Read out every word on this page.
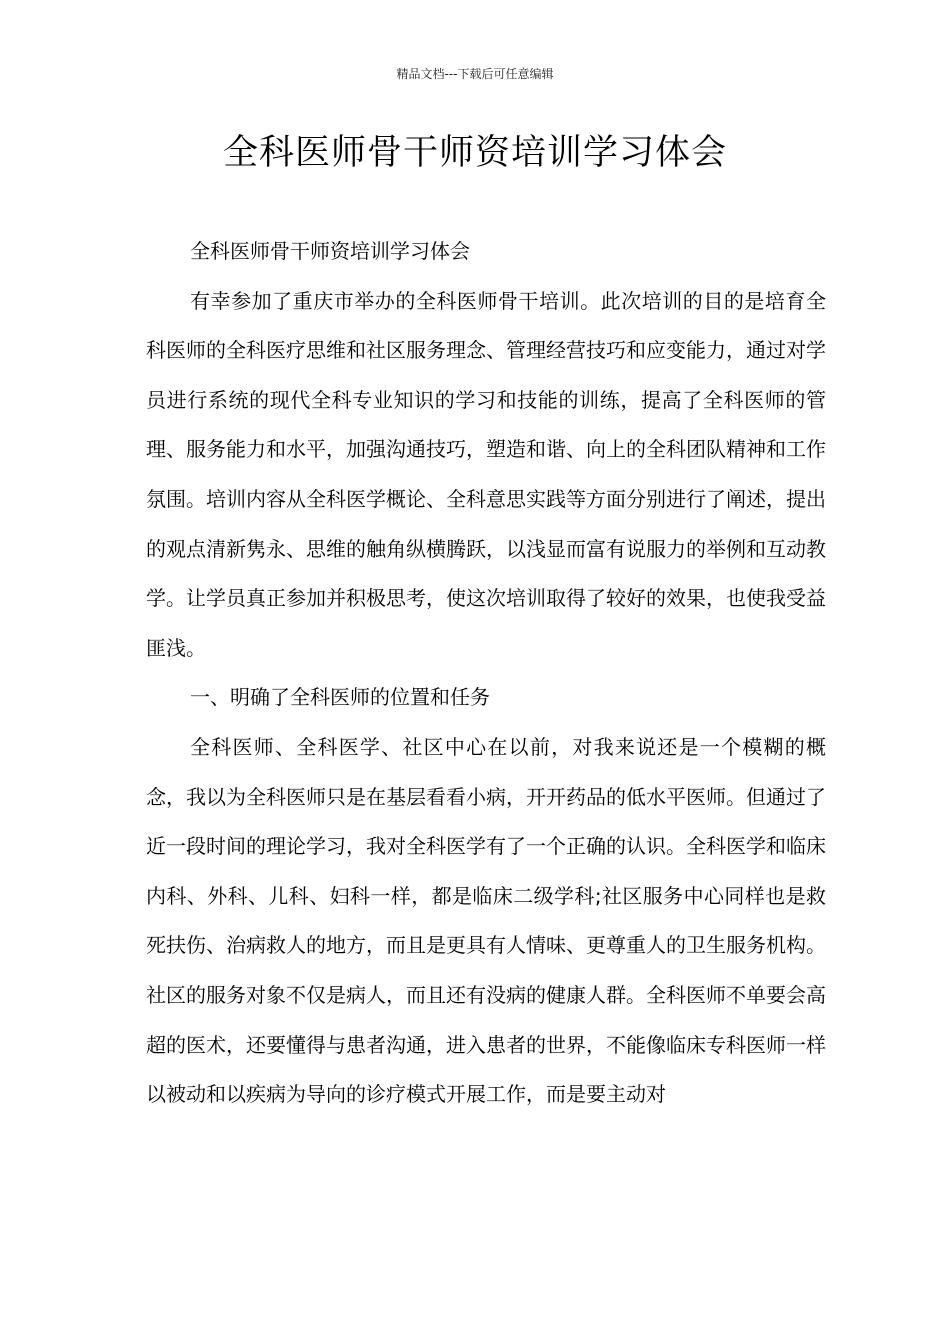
精品文档---下载后可任意编辑
全科医师骨干师资培训学习体会

全科医师骨干师资培训学习体会

有幸参加了重庆市举办的全科医师骨干培训。此次培训的目的是培育全科医师的全科医疗思维和社区服务理念、管理经营技巧和应变能力，通过对学员进行系统的现代全科专业知识的学习和技能的训练，提高了全科医师的管理、服务能力和水平，加强沟通技巧，塑造和谐、向上的全科团队精神和工作氛围。培训内容从全科医学概论、全科意思实践等方面分别进行了阐述，提出的观点清新隽永、思维的触角纵横腾跃，以浅显而富有说服力的举例和互动教学。让学员真正参加并积极思考，使这次培训取得了较好的效果，也使我受益匪浅。

一、明确了全科医师的位置和任务

全科医师、全科医学、社区中心在以前，对我来说还是一个模糊的概念，我以为全科医师只是在基层看看小病，开开药品的低水平医师。但通过了近一段时间的理论学习，我对全科医学有了一个正确的认识。全科医学和临床内科、外科、儿科、妇科一样，都是临床二级学科;社区服务中心同样也是救死扶伤、治病救人的地方，而且是更具有人情味、更尊重人的卫生服务机构。社区的服务对象不仅是病人，而且还有没病的健康人群。全科医师不单要会高超的医术，还要懂得与患者沟通，进入患者的世界，不能像临床专科医师一样以被动和以疾病为导向的诊疗模式开展工作，而是要主动对
